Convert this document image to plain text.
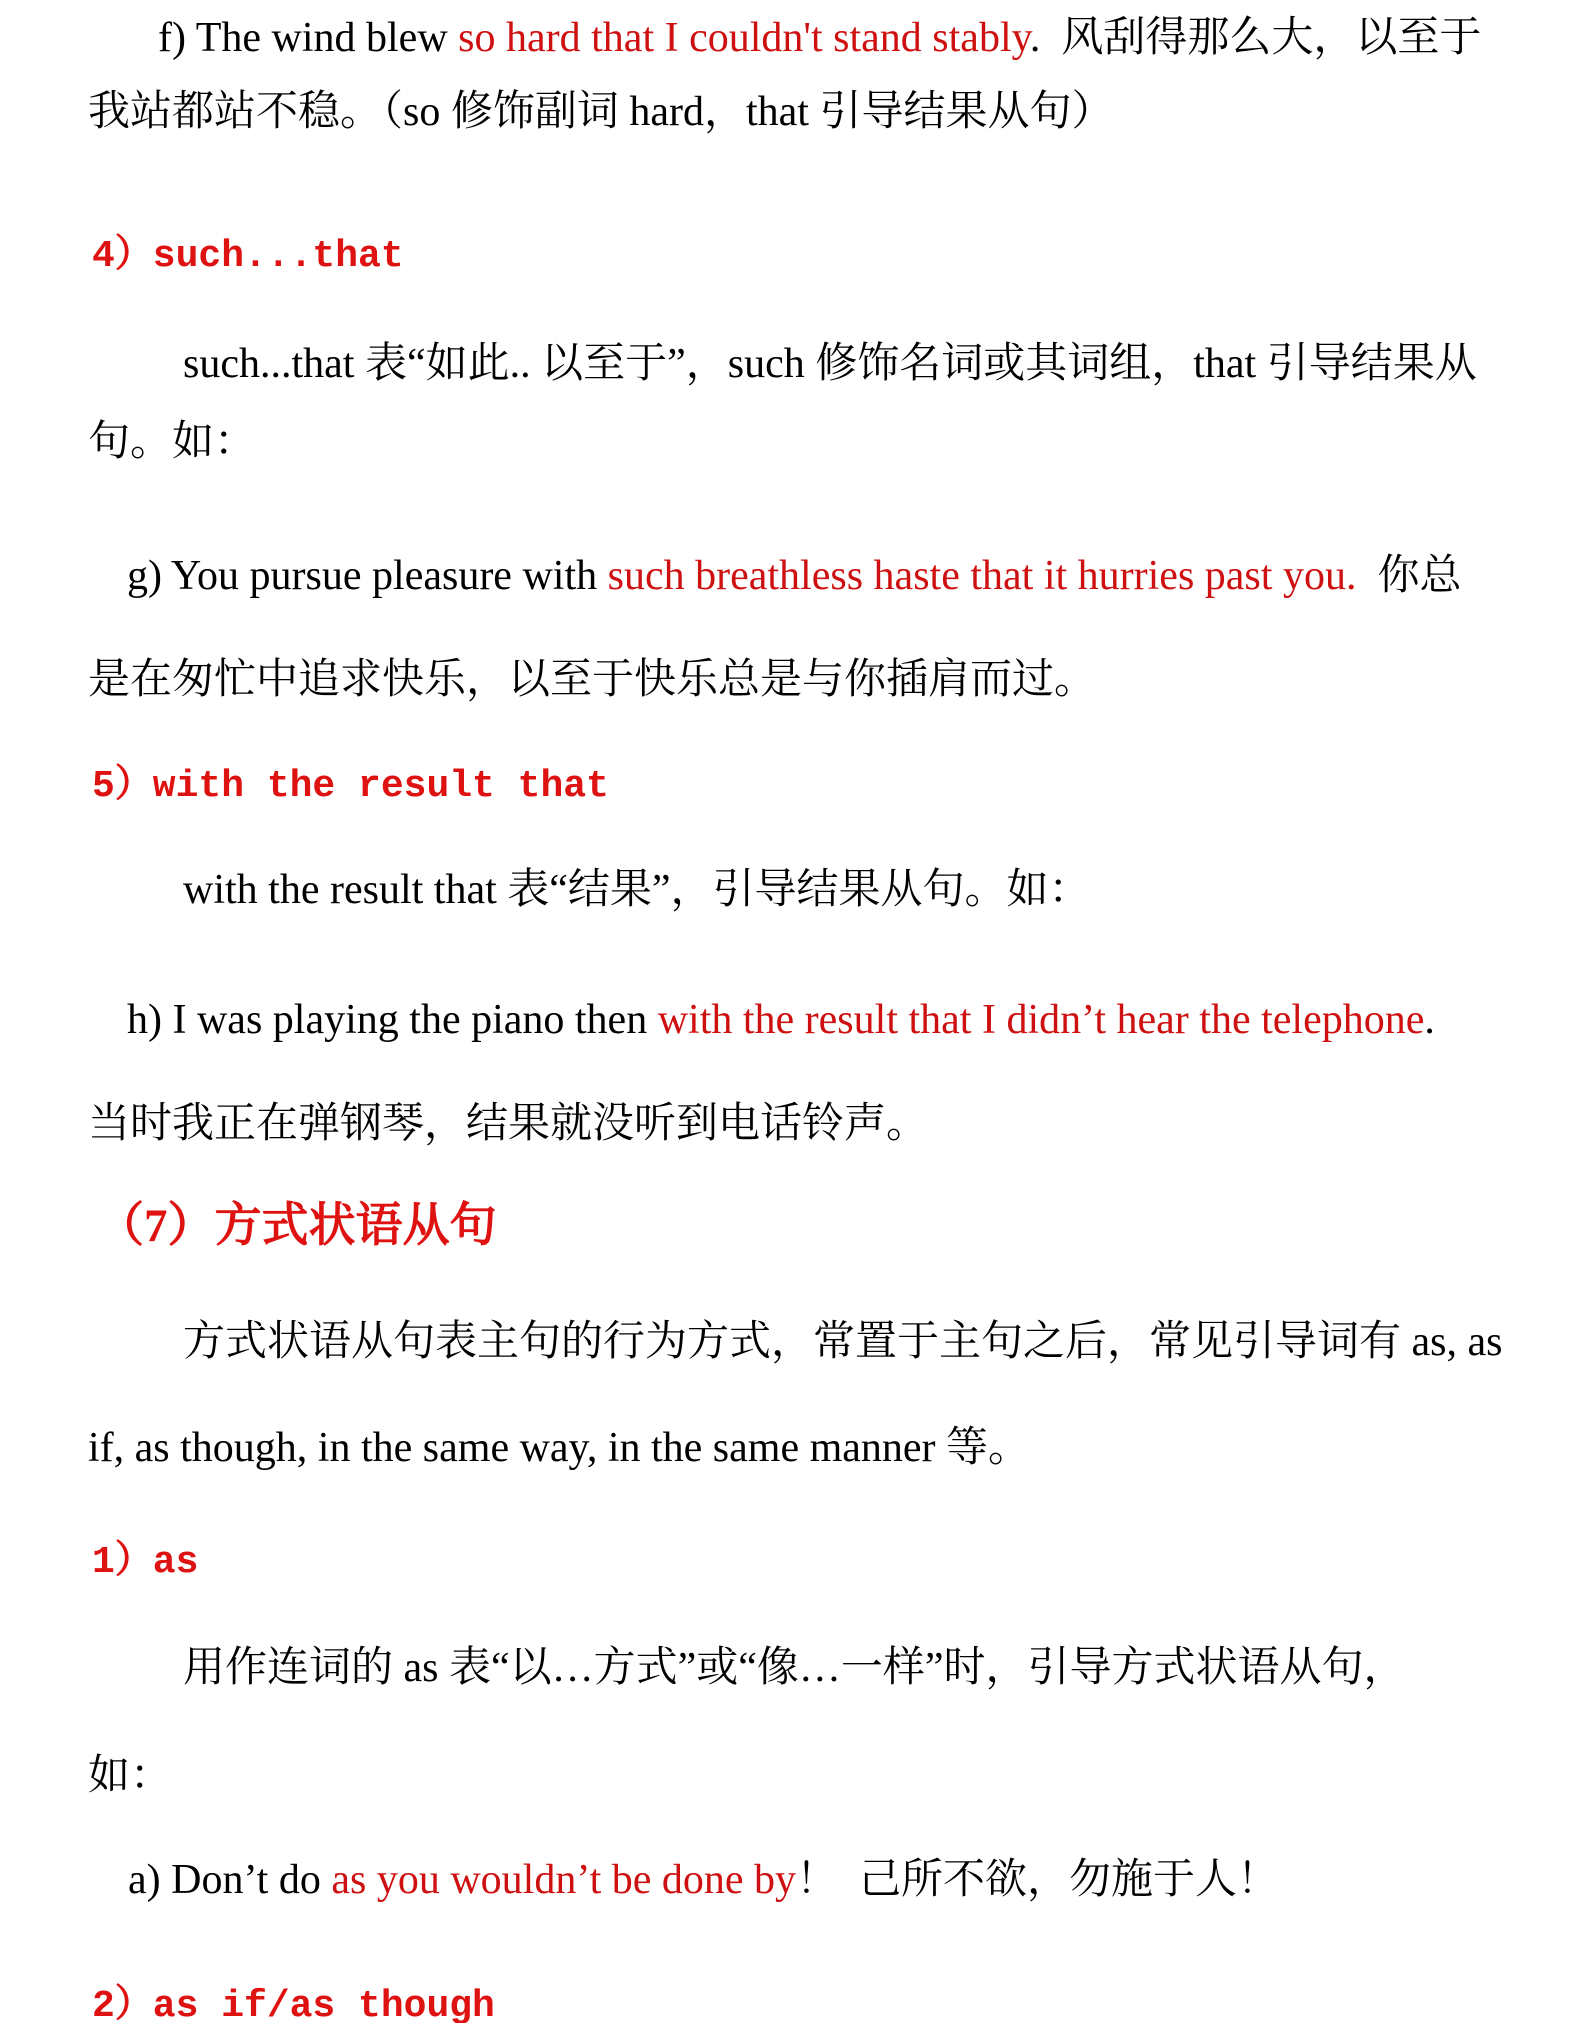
f) The wind blew so hard that I couldn't stand stably.  风刮得那么大，以至于
我站都站不稳。（so 修饰副词 hard，that 引导结果从句）
4）such...that
such...that 表“如此.. 以至于”，such 修饰名词或其词组，that 引导结果从
句。如：
g) You pursue pleasure with such breathless haste that it hurries past you.  你总
是在匆忙中追求快乐，以至于快乐总是与你插肩而过。
5）with the result that
with the result that 表“结果”，引导结果从句。如：
h) I was playing the piano then with the result that I didn’t hear the telephone.
当时我正在弹钢琴，结果就没听到电话铃声。
（7）方式状语从句
方式状语从句表主句的行为方式，常置于主句之后，常见引导词有 as, as
if, as though, in the same way, in the same manner 等。
1）as
用作连词的 as 表“以…方式”或“像…一样”时，引导方式状语从句，
如：
a) Don’t do as you wouldn’t be done by！  己所不欲，勿施于人！
2）as if/as though
